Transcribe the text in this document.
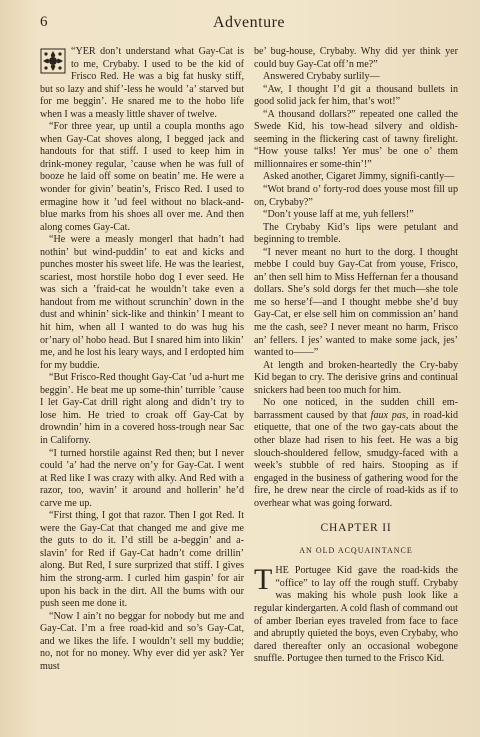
6	Adventure

“YER don’t understand what Gay-Cat is to me, Crybaby. I used to be the kid of Frisco Red. He was a big fat husky stiff, but so lazy and shif’-less he would ’a’ starved but for me beggin’. He snared me to the hobo life when I was a measly little shaver of twelve.

“For three year, up until a coupla months ago when Gay-Cat shoves along, I begged jack and handouts for that stiff. I used to keep him in drink-money regular, ’cause when he was full of booze he laid off some on beatin’ me. He were a wonder for givin’ beatin’s, Frisco Red. I used to ermagine how it ’ud feel without no black-and-blue marks from his shoes all over me. And then along comes Gay-Cat.

“He were a measly mongerl that hadn’t had nothin’ but wind-puddin’ to eat and kicks and punches moster his sweet life. He was the leariest, scariest, most horstile hobo dog I ever seed. He was sich a ’fraid-cat he wouldn’t take even a handout from me without scrunchin’ down in the dust and whinin’ sick-like and thinkin’ I meant to hit him, when all I wanted to do was hug his or’nary ol’ hobo head. But I snared him into likin’ me, and he lost his leary ways, and I erdopted him for my buddie.

“But Frisco-Red thought Gay-Cat ’ud a-hurt me beggin’. He beat me up some-thin’ turrible ’cause I let Gay-Cat drill right along and didn’t try to lose him. He tried to croak off Gay-Cat by drowndin’ him in a covered hoss-trough near Sac in Californy.

“I turned horstile against Red then; but I never could ’a’ had the nerve on’y for Gay-Cat. I went at Red like I was crazy with alky. And Red with a razor, too, wavin’ it around and hollerin’ he’d carve me up.

“First thing, I got that razor. Then I got Red. It were the Gay-Cat that changed me and give me the guts to do it. I’d still be a-beggin’ and a-slavin’ for Red if Gay-Cat hadn’t come drillin’ along. But Red, I sure surprized that stiff. I gives him the strong-arm. I curled him gaspin’ for air upon his back in the dirt. All the bums with our push seen me done it.

“Now I ain’t no beggar for nobody but me and Gay-Cat. I’m a free road-kid and so’s Gay-Cat, and we likes the life. I wouldn’t sell my buddie; no, not for no money. Why ever did yer ask? Yer must

be’ bug-house, Crybaby. Why did yer think yer could buy Gay-Cat off’n me?”

Answered Crybaby surlily—

“Aw, I thought I’d git a thousand bullets in good solid jack fer him, that’s wot!”

“A thousand dollars?” repeated one called the Swede Kid, his tow-head silvery and oldish-seeming in the flickering cast of tawny firelight. “How youse talks! Yer mus’ be one o’ them millionnaires er some-thin’!”

Asked another, Cigaret Jimmy, signifi-cantly—

“Wot brand o’ forty-rod does youse most fill up on, Crybaby?”

“Don’t youse laff at me, yuh fellers!”

The Crybaby Kid’s lips were petulant and beginning to tremble.

“I never meant no hurt to the dorg. I thought mebbe I could buy Gay-Cat from youse, Frisco, an’ then sell him to Miss Heffernan fer a thousand dollars. She’s sold dorgs fer thet much—she tole me so herse’f—and I thought mebbe she’d buy Gay-Cat, er else sell him on commission an’ hand me the cash, see? I never meant no harm, Frisco an’ fellers. I jes’ wanted to make some jack, jes’ wanted to——”

At length and broken-heartedly the Cry-baby Kid began to cry. The derisive grins and continual snickers had been too much for him.

No one noticed, in the sudden chill em-barrassment caused by that faux pas, in road-kid etiquette, that one of the two gay-cats about the other blaze had risen to his feet. He was a big slouch-shouldered fellow, smudgy-faced with a week’s stubble of red hairs. Stooping as if engaged in the business of gathering wood for the fire, he drew near the circle of road-kids as if to overhear what was going forward.

CHAPTER II
AN OLD ACQUAINTANCE

THE Portugee Kid gave the road-kids the “office” to lay off the rough stuff. Crybaby was making his whole push look like a regular kindergarten. A cold flash of command out of amber Iberian eyes traveled from face to face and abruptly quieted the boys, even Crybaby, who dared thereafter only an occasional wobegone snuffle. Portugee then turned to the Frisco Kid.
